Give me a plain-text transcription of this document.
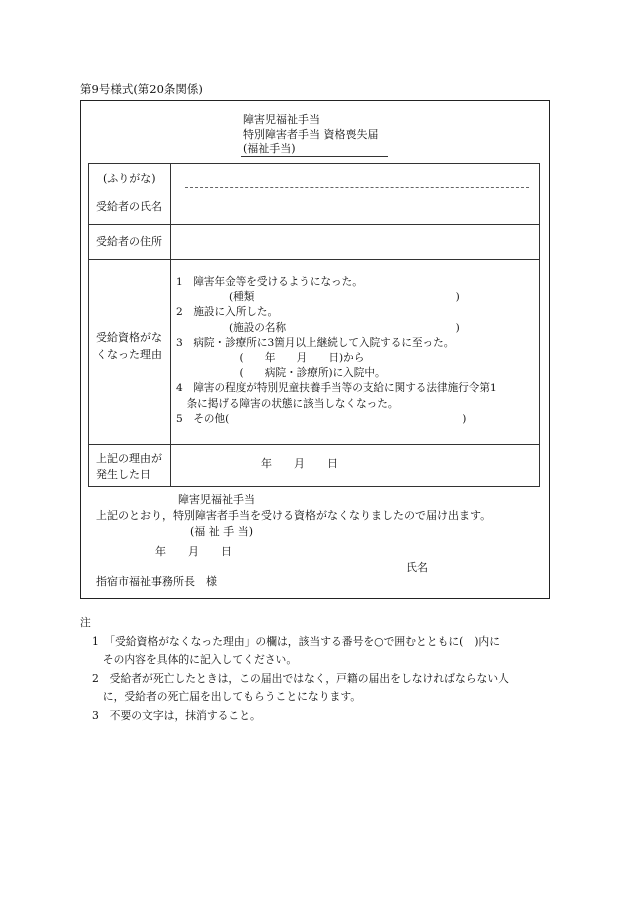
第9号様式(第20条関係)
障害児福祉手当
特別障害者手当 資格喪失届
(福祉手当)
(ふりがな)
受給者の氏名
受給者の住所
受給資格がな
くなった理由
上記の理由が
発生した日
年　　月　　日
1　障害年金等を受けるようになった。
　　　　　(種類　　　　　　　　　　　　　　　　　　　)
2　施設に入所した。
　　　　　(施設の名称　　　　　　　　　　　　　　　　)
3　病院・診療所に3箇月以上継続して入院するに至った。
　　　　　　(　　年　　月　　日)から
　　　　　　(　　病院・診療所)に入院中。
4　障害の程度が特別児童扶養手当等の支給に関する法律施行令第1
　条に掲げる障害の状態に該当しなくなった。
5　その他(　　　　　　　　　　　　　　　　　　　　　　)
障害児福祉手当
上記のとおり，特別障害者手当を受ける資格がなくなりましたので届け出ます。
(福 祉 手 当)
年　　月　　日
氏名
指宿市福祉事務所長　様
注
1　「受給資格がなくなった理由」の欄は，該当する番号を○で囲むとともに(　)内に
　その内容を具体的に記入してください。
2　受給者が死亡したときは，この届出ではなく，戸籍の届出をしなければならない人
　に，受給者の死亡届を出してもらうことになります。
3　不要の文字は，抹消すること。
